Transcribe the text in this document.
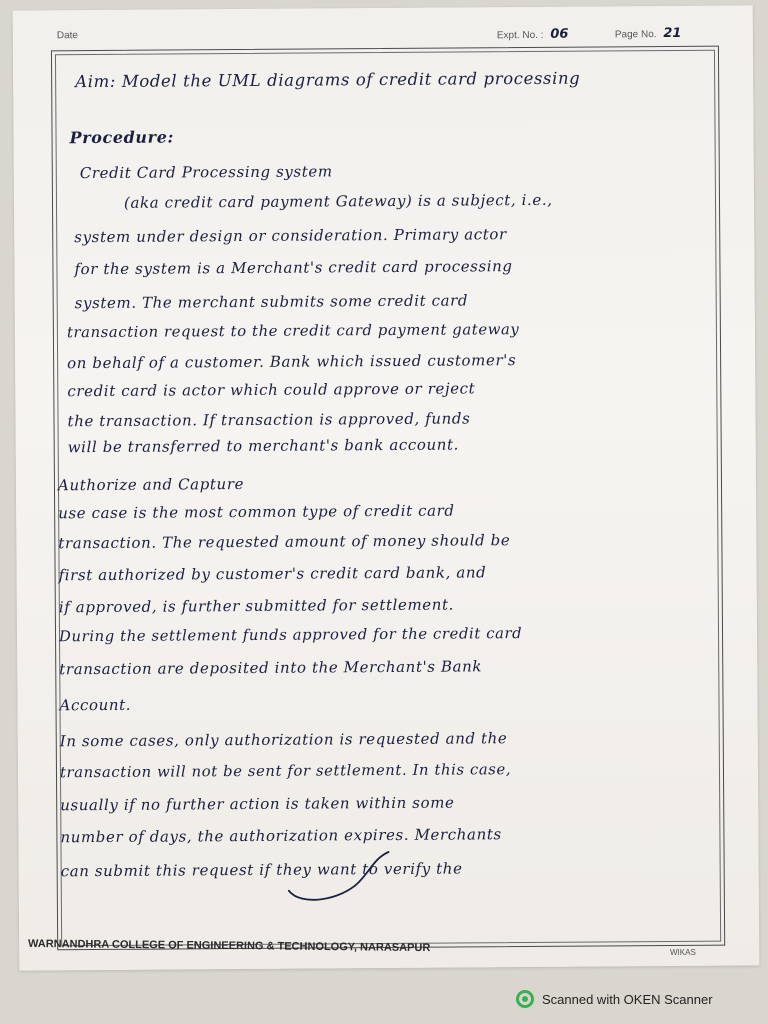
Date	Expt. No. : 06	Page No. 21
Aim: Model the UML diagrams of credit card processing
Procedure:
Credit Card Processing system
(aka credit card payment Gateway) is a subject, i.e.,
system under design or consideration. Primary actor
for the system is a Merchant's credit card processing
system. The merchant submits some credit card
transaction request to the credit card payment gateway
on behalf of a customer. Bank which issued customer's
credit card is actor which could approve or reject
the transaction. If transaction is approved, funds
will be transferred to merchant's bank account.
Authorize and Capture
use case is the most common type of credit card
transaction. The requested amount of money should be
first authorized by customer's credit card bank, and
if approved, is further submitted for settlement.
During the settlement funds approved for the credit card
transaction are deposited into the Merchant's Bank
Account.
In some cases, only authorization is requested and the
transaction will not be sent for settlement. In this case,
usually if no further action is taken within some
number of days, the authorization expires. Merchants
can submit this request if they want to verify the
WARNANDHRA COLLEGE OF ENGINEERING & TECHNOLOGY, NARASAPUR	WIKAS
Scanned with OKEN Scanner
